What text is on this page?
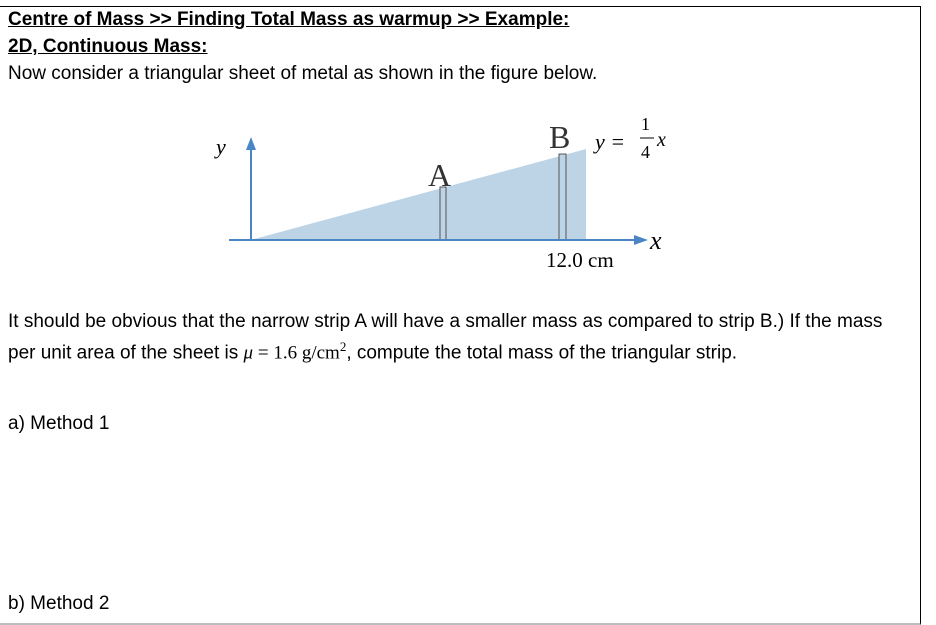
Centre of Mass >> Finding Total Mass as warmup >> Example:
2D, Continuous Mass:
Now consider a triangular sheet of metal as shown in the figure below.
y
x
A
B y =
1
4
x
12.0 cm
It should be obvious that the narrow strip A will have a smaller mass as compared to strip B.) If the mass per unit area of the sheet is μ = 1.6 $g/cm^2$, compute the total mass of the triangular strip.
a) Method 1
b) Method 2
